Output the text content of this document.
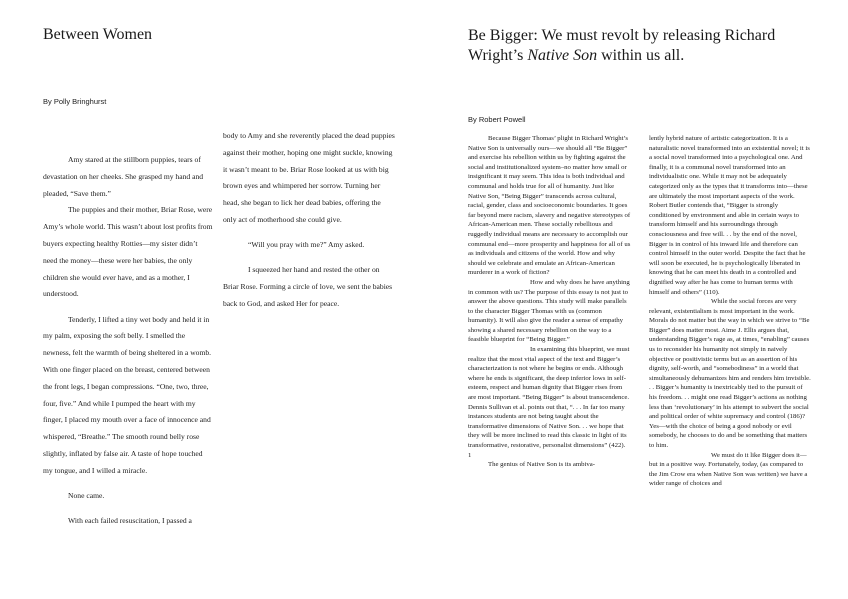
Between Women
By Polly Bringhurst

Amy stared at the stillborn puppies, tears of devastation on her cheeks. She grasped my hand and pleaded, “Save them.”

The puppies and their mother, Briar Rose, were Amy’s whole world. This wasn’t about lost profits from buyers expecting healthy Rotties—my sister didn’t need the money—these were her babies, the only children she would ever have, and as a mother, I understood.

Tenderly, I lifted a tiny wet body and held it in my palm, exposing the soft belly. I smelled the newness, felt the warmth of being sheltered in a womb. With one finger placed on the breast, centered between the front legs, I began compressions. “One, two, three, four, five.” And while I pumped the heart with my finger, I placed my mouth over a face of innocence and whispered, “Breathe.” The smooth round belly rose slightly, inflated by false air. A taste of hope touched my tongue, and I willed a miracle.

None came.

With each failed resuscitation, I passed a

body to Amy and she reverently placed the dead puppies against their mother, hoping one might suckle, knowing it wasn’t meant to be. Briar Rose looked at us with big brown eyes and whimpered her sorrow. Turning her head, she began to lick her dead babies, offering the only act of motherhood she could give.

“Will you pray with me?” Amy asked.

I squeezed her hand and rested the other on Briar Rose. Forming a circle of love, we sent the babies back to God, and asked Her for peace.

Be Bigger: We must revolt by releasing Richard Wright’s Native Son within us all.
By Robert Powell

Because Bigger Thomas’ plight in Richard Wright’s Native Son is universally ours—we should all “Be Bigger” and exercise his rebellion within us by fighting against the social and institutionalized system–no matter how small or insignificant it may seem. This idea is both individual and communal and holds true for all of humanity. Just like Native Son, “Being Bigger” transcends across cultural, racial, gender, class and socioeconomic boundaries. It goes far beyond mere racism, slavery and negative stereotypes of African-American men. These socially rebellious and ruggedly individual means are necessary to accomplish our communal end—more prosperity and happiness for all of us as individuals and citizens of the world. How and why should we celebrate and emulate an African-American murderer in a work of fiction?

How and why does he have anything in common with us? The purpose of this essay is not just to answer the above questions. This study will make parallels to the character Bigger Thomas with us (common humanity). It will also give the reader a sense of empathy showing a shared necessary rebellion on the way to a feasible blueprint for “Being Bigger.”

In examining this blueprint, we must realize that the most vital aspect of the text and Bigger’s characterization is not where he begins or ends. Although where he ends is significant, the deep inferior lows in self-esteem, respect and human dignity that Bigger rises from are most important. “Being Bigger” is about transcendence. Dennis Sullivan et al. points out that, “. . . In far too many instances students are not being taught about the transformative dimensions of Native Son. . . we hope that they will be more inclined to read this classic in light of its transformative, restorative, personalist dimensions” (422).

1

The genius of Native Son is its ambiva-

lently hybrid nature of artistic categorization. It is a naturalistic novel transformed into an existential novel; it is a social novel transformed into a psychological one. And finally, it is a communal novel transformed into an individualistic one. While it may not be adequately categorized only as the types that it transforms into—these are ultimately the most important aspects of the work. Robert Butler contends that, “Bigger is strongly conditioned by environment and able in certain ways to transform himself and his surroundings through consciousness and free will. . . by the end of the novel, Bigger is in control of his inward life and therefore can control himself in the outer world. Despite the fact that he will soon be executed, he is psychologically liberated in knowing that he can meet his death in a controlled and dignified way after he has come to human terms with himself and others” (110).

While the social forces are very relevant, existentialism is most important in the work. Morals do not matter but the way in which we strive to “Be Bigger” does matter most. Aime J. Ellis argues that, understanding Bigger’s rage as, at times, “enabling” causes us to reconsider his humanity not simply in naively objective or positivistic terms but as an assertion of his dignity, self-worth, and “somebodiness” in a world that simultaneously dehumanizes him and renders him invisible. . . Bigger’s humanity is inextricably tied to the pursuit of his freedom. . . might one read Bigger’s actions as nothing less than ‘revolutionary’ in his attempt to subvert the social and political order of white supremacy and control (186)? Yes—with the choice of being a good nobody or evil somebody, he chooses to do and be something that matters to him.

We must do it like Bigger does it—but in a positive way. Fortunately, today, (as compared to the Jim Crow era when Native Son was written) we have a wider range of choices and
